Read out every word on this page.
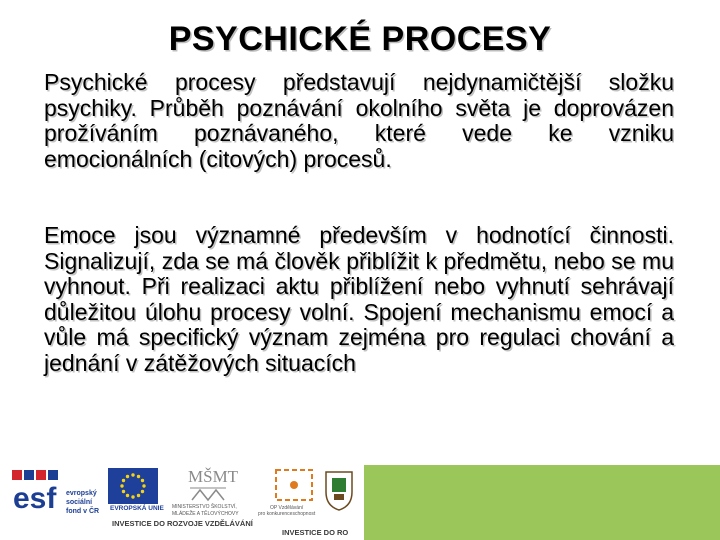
PSYCHICKÉ PROCESY
Psychické procesy představují nejdynamičtější složku psychiky. Průběh poznávání okolního světa je doprovázen prožíváním poznávaného, které vede ke vzniku emocionálních (citových) procesů.
Emoce jsou významné především v hodnotící činnosti. Signalizují, zda se má člověk přiblížit k předmětu, nebo se mu vyhnout. Při realizaci aktu přiblížení nebo vyhnutí sehrávají důležitou úlohu procesy volní. Spojení mechanismu emocí a vůle má specifický význam zejména pro regulaci chování a jednání v zátěžových situacích
esf evropský
sociální
fond v ČR EVROPSKÁ UNIE
MŠMT
MINISTERSTVO ŠKOLSTVÍ,
MLÁDEŽE A TĚLOVÝCHOVY
OP Vzdělávání
pro konkurenceschopnost
INVESTICE DO ROZVOJE VZDĚLÁVÁNÍ
INVESTICE DO RO
